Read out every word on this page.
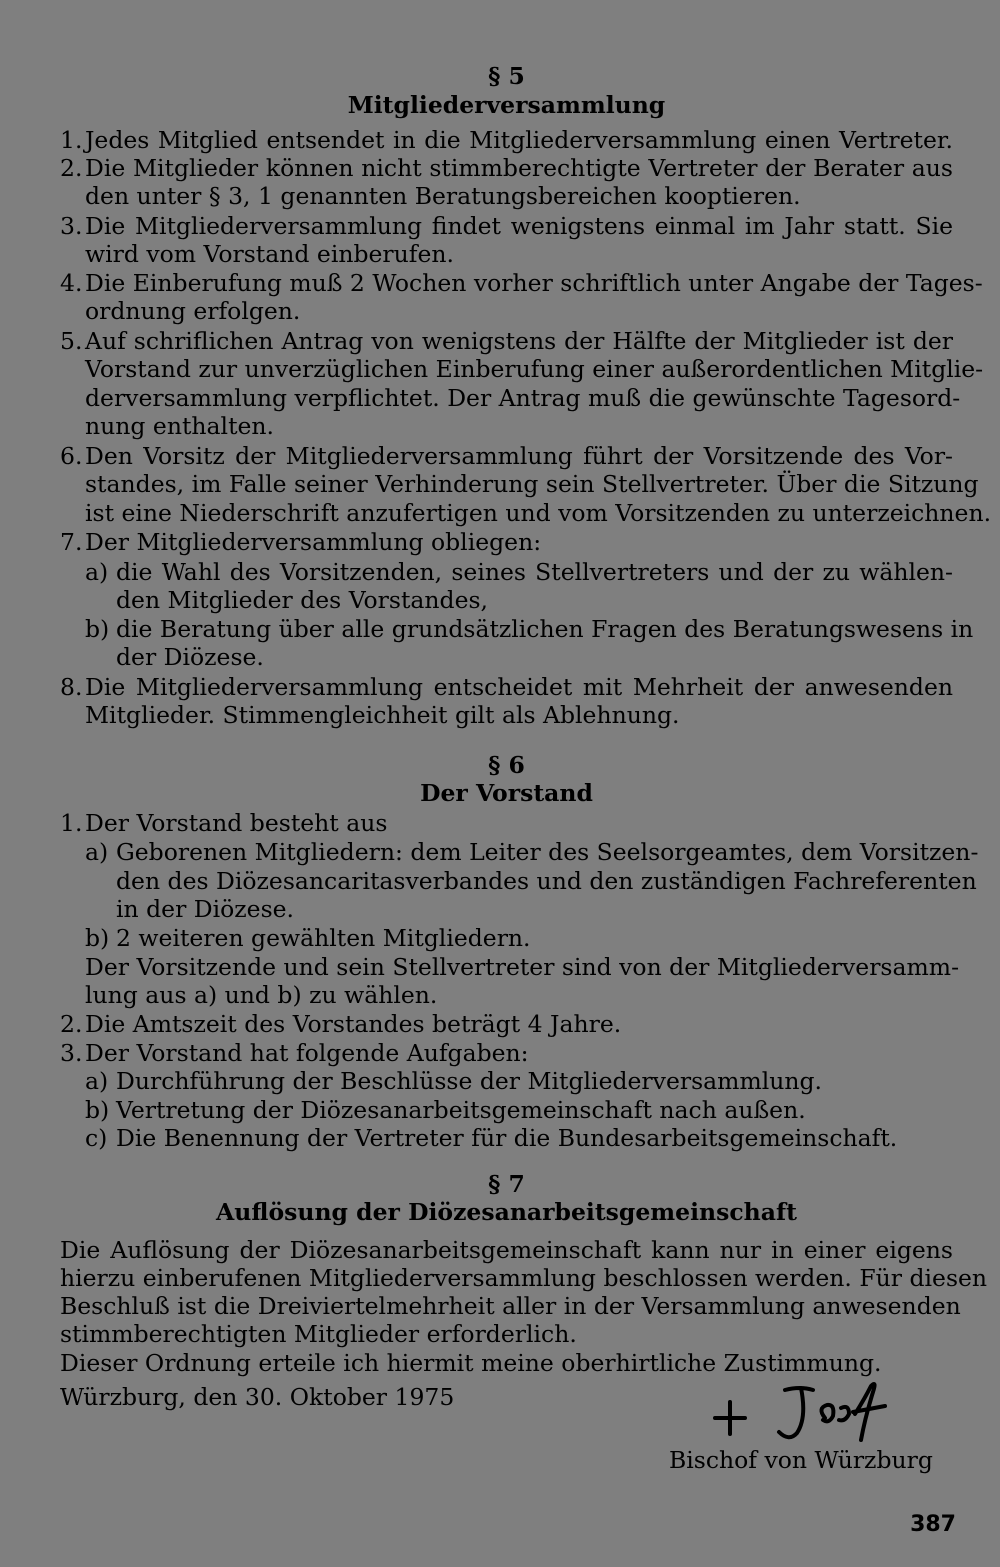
§ 5
Mitgliederversammlung
1. Jedes Mitglied entsendet in die Mitgliederversammlung einen Vertreter.
2. Die Mitglieder können nicht stimmberechtigte Vertreter der Berater aus
den unter § 3, 1 genannten Beratungsbereichen kooptieren.
3. Die Mitgliederversammlung findet wenigstens einmal im Jahr statt. Sie
wird vom Vorstand einberufen.
4. Die Einberufung muß 2 Wochen vorher schriftlich unter Angabe der Tages-
ordnung erfolgen.
5. Auf schriflichen Antrag von wenigstens der Hälfte der Mitglieder ist der
Vorstand zur unverzüglichen Einberufung einer außerordentlichen Mitglie-
derversammlung verpflichtet. Der Antrag muß die gewünschte Tagesord-
nung enthalten.
6. Den Vorsitz der Mitgliederversammlung führt der Vorsitzende des Vor-
standes, im Falle seiner Verhinderung sein Stellvertreter. Über die Sitzung
ist eine Niederschrift anzufertigen und vom Vorsitzenden zu unterzeichnen.
7. Der Mitgliederversammlung obliegen:
a) die Wahl des Vorsitzenden, seines Stellvertreters und der zu wählen-
den Mitglieder des Vorstandes,
b) die Beratung über alle grundsätzlichen Fragen des Beratungswesens in
der Diözese.
8. Die Mitgliederversammlung entscheidet mit Mehrheit der anwesenden
Mitglieder. Stimmengleichheit gilt als Ablehnung.
§ 6
Der Vorstand
1. Der Vorstand besteht aus
a) Geborenen Mitgliedern: dem Leiter des Seelsorgeamtes, dem Vorsitzen-
den des Diözesancaritasverbandes und den zuständigen Fachreferenten
in der Diözese.
b) 2 weiteren gewählten Mitgliedern.
Der Vorsitzende und sein Stellvertreter sind von der Mitgliederversamm-
lung aus a) und b) zu wählen.
2. Die Amtszeit des Vorstandes beträgt 4 Jahre.
3. Der Vorstand hat folgende Aufgaben:
a) Durchführung der Beschlüsse der Mitgliederversammlung.
b) Vertretung der Diözesanarbeitsgemeinschaft nach außen.
c) Die Benennung der Vertreter für die Bundesarbeitsgemeinschaft.
§ 7
Auflösung der Diözesanarbeitsgemeinschaft
Die Auflösung der Diözesanarbeitsgemeinschaft kann nur in einer eigens
hierzu einberufenen Mitgliederversammlung beschlossen werden. Für diesen
Beschluß ist die Dreiviertelmehrheit aller in der Versammlung anwesenden
stimmberechtigten Mitglieder erforderlich.
Dieser Ordnung erteile ich hiermit meine oberhirtliche Zustimmung.
Würzburg, den 30. Oktober 1975
Bischof von Würzburg
387
